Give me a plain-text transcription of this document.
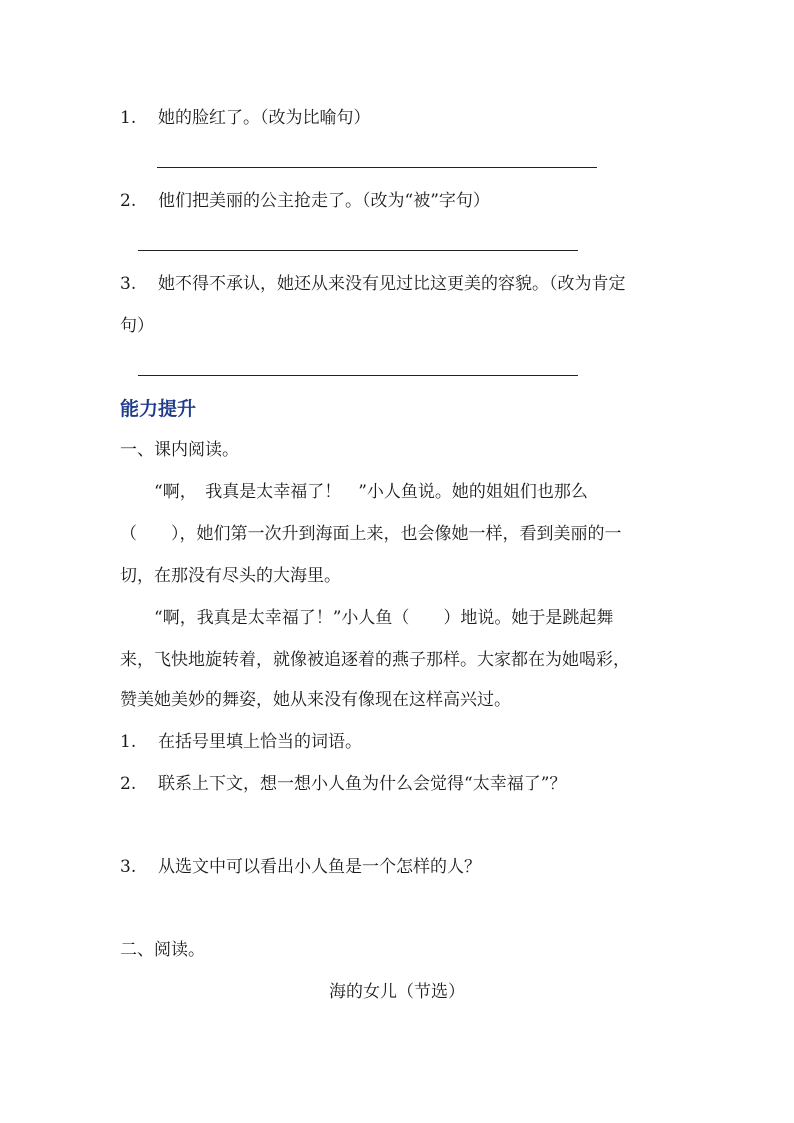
1. 她的脸红了。（改为比喻句）
2. 他们把美丽的公主抢走了。（改为“被”字句）
3. 她不得不承认，她还从来没有见过比这更美的容貌。（改为肯定
句）
能力提升
一、课内阅读。
　　“啊，　我真是太幸福了！　”小人鱼说。她的姐姐们也那么
（　　），她们第一次升到海面上来，也会像她一样，看到美丽的一
切，在那没有尽头的大海里。
　　“啊，我真是太幸福了！”小人鱼（　　）地说。她于是跳起舞
来，飞快地旋转着，就像被追逐着的燕子那样。大家都在为她喝彩，
赞美她美妙的舞姿，她从来没有像现在这样高兴过。
1. 在括号里填上恰当的词语。
2. 联系上下文，想一想小人鱼为什么会觉得“太幸福了”？
3. 从选文中可以看出小人鱼是一个怎样的人？
二、阅读。
海的女儿（节选）
